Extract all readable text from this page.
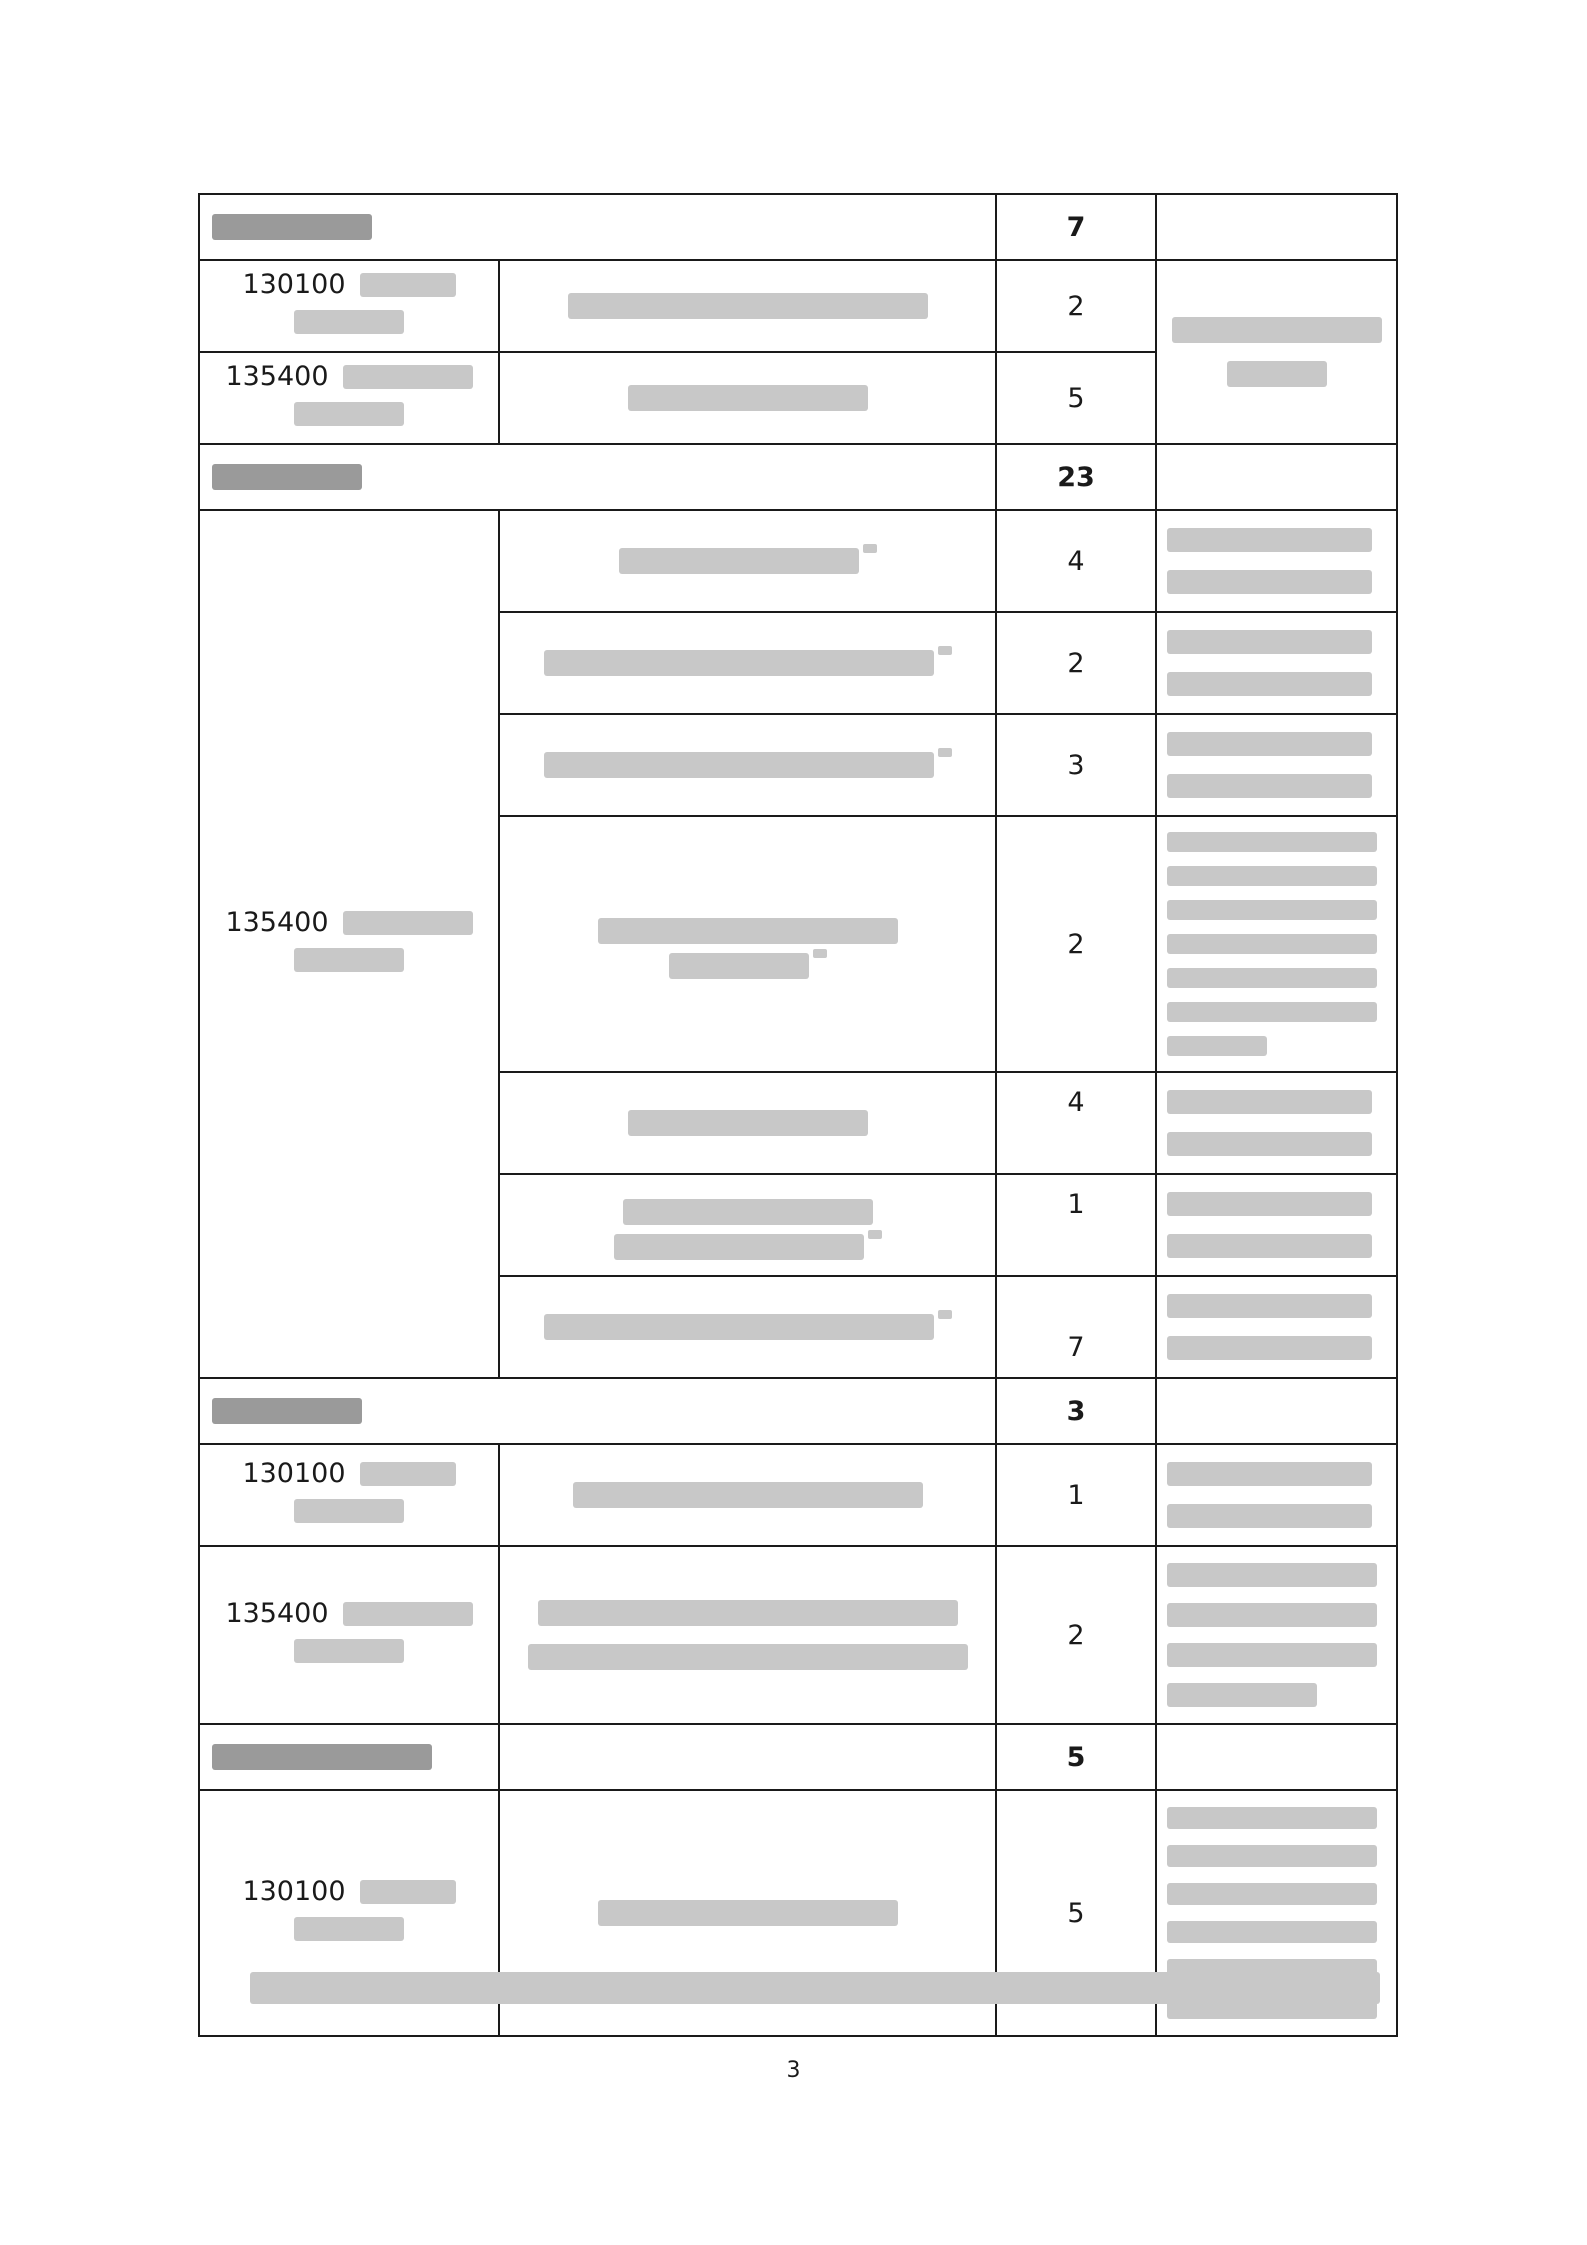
		7	

130100		2	

135400		5	
		23	

135400		4	

		2	

		3	

		2	

		4	

		1	

		7	

		3	

130100		1	

135400		2	

		5	

130100		5	
3
